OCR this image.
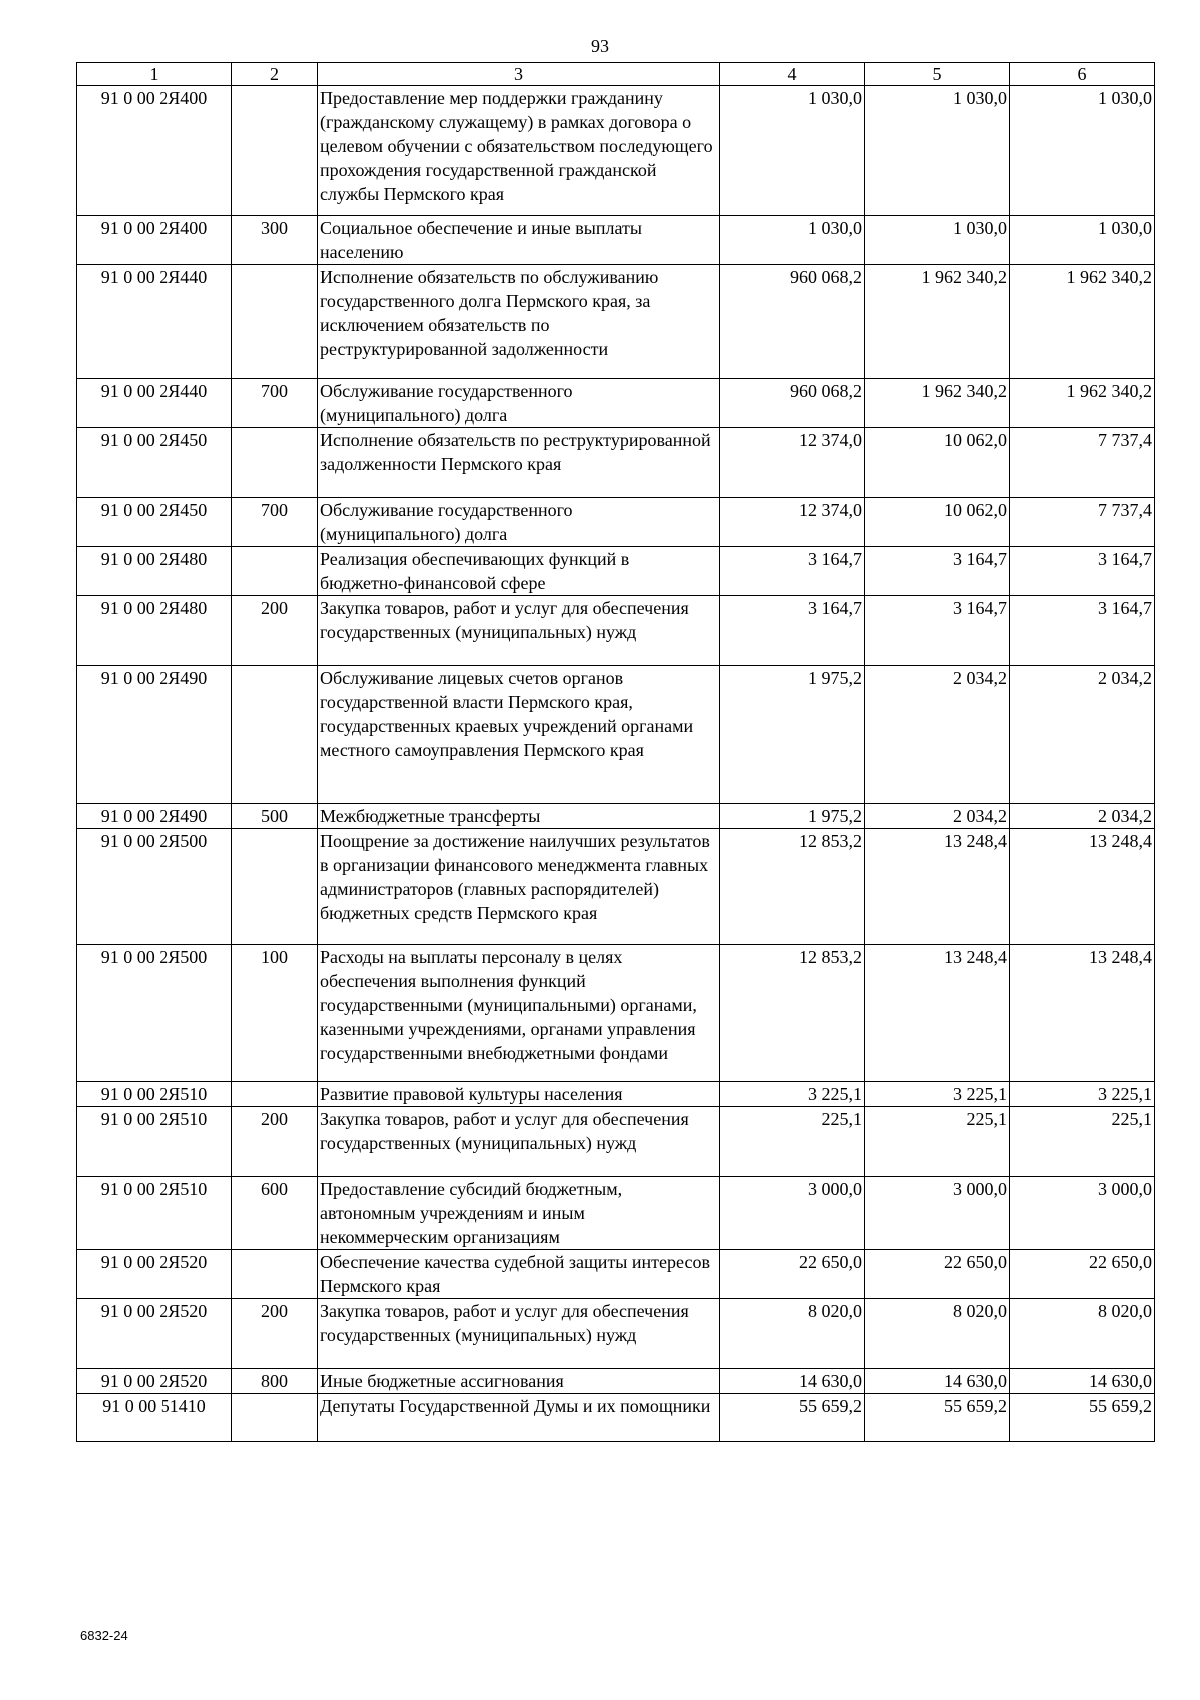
93
1	2	3	4	5	6
91 0 00 2Я400		Предоставление мер поддержки гражданину (гражданскому служащему) в рамках договора о целевом обучении с обязательством последующего прохождения государственной гражданской службы Пермского края	1 030,0	1 030,0	1 030,0
91 0 00 2Я400	300	Социальное обеспечение и иные выплаты населению	1 030,0	1 030,0	1 030,0
91 0 00 2Я440		Исполнение обязательств по обслуживанию государственного долга Пермского края, за исключением обязательств по реструктурированной задолженности	960 068,2	1 962 340,2	1 962 340,2
91 0 00 2Я440	700	Обслуживание государственного (муниципального) долга	960 068,2	1 962 340,2	1 962 340,2
91 0 00 2Я450		Исполнение обязательств по реструктурированной задолженности Пермского края	12 374,0	10 062,0	7 737,4
91 0 00 2Я450	700	Обслуживание государственного (муниципального) долга	12 374,0	10 062,0	7 737,4
91 0 00 2Я480		Реализация обеспечивающих функций в бюджетно-финансовой сфере	3 164,7	3 164,7	3 164,7
91 0 00 2Я480	200	Закупка товаров, работ и услуг для обеспечения государственных (муниципальных) нужд	3 164,7	3 164,7	3 164,7
91 0 00 2Я490		Обслуживание лицевых счетов органов государственной власти Пермского края, государственных краевых учреждений органами местного самоуправления Пермского края	1 975,2	2 034,2	2 034,2
91 0 00 2Я490	500	Межбюджетные трансферты	1 975,2	2 034,2	2 034,2
91 0 00 2Я500		Поощрение за достижение наилучших результатов в организации финансового менеджмента главных администраторов (главных распорядителей) бюджетных средств Пермского края	12 853,2	13 248,4	13 248,4
91 0 00 2Я500	100	Расходы на выплаты персоналу в целях обеспечения выполнения функций государственными (муниципальными) органами, казенными учреждениями, органами управления государственными внебюджетными фондами	12 853,2	13 248,4	13 248,4
91 0 00 2Я510		Развитие правовой культуры населения	3 225,1	3 225,1	3 225,1
91 0 00 2Я510	200	Закупка товаров, работ и услуг для обеспечения государственных (муниципальных) нужд	225,1	225,1	225,1
91 0 00 2Я510	600	Предоставление субсидий бюджетным, автономным учреждениям и иным некоммерческим организациям	3 000,0	3 000,0	3 000,0
91 0 00 2Я520		Обеспечение качества судебной защиты интересов Пермского края	22 650,0	22 650,0	22 650,0
91 0 00 2Я520	200	Закупка товаров, работ и услуг для обеспечения государственных (муниципальных) нужд	8 020,0	8 020,0	8 020,0
91 0 00 2Я520	800	Иные бюджетные ассигнования	14 630,0	14 630,0	14 630,0
91 0 00 51410		Депутаты Государственной Думы и их помощники	55 659,2	55 659,2	55 659,2
6832-24
